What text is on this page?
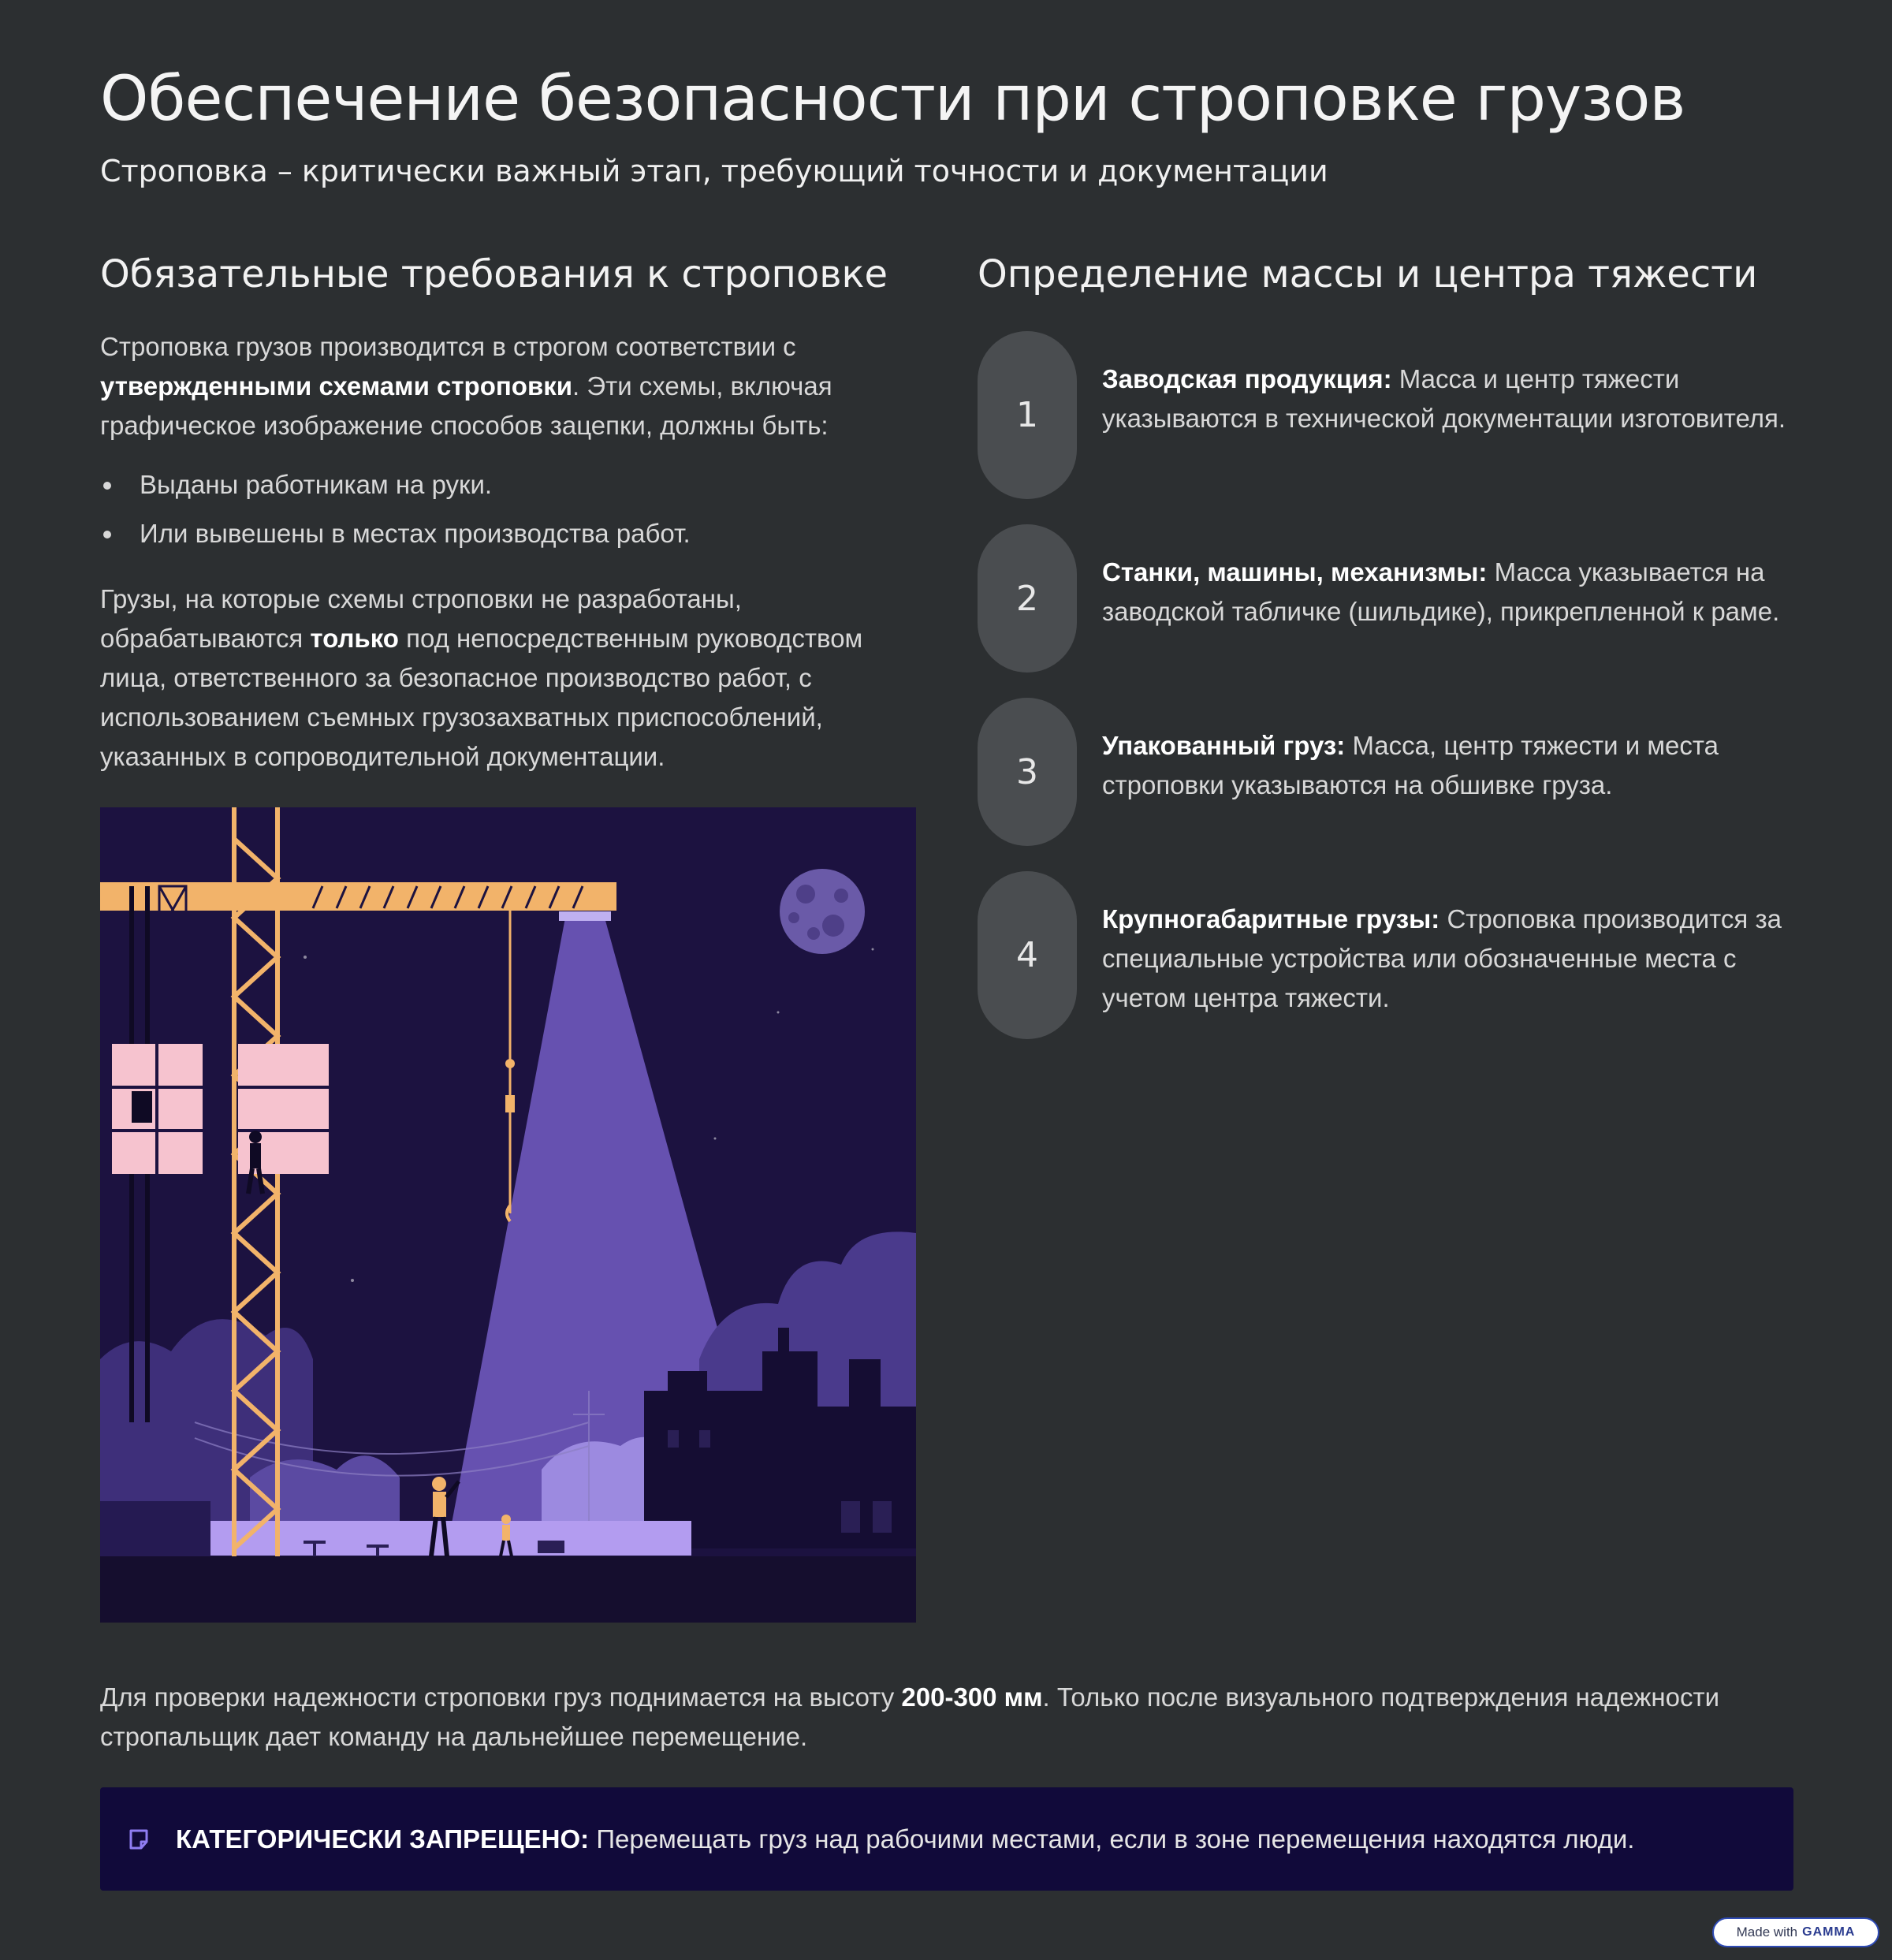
Обеспечение безопасности при строповке грузов

Строповка – критически важный этап, требующий точности и документации

Обязательные требования к строповке

Строповка грузов производится в строгом соответствии с утвержденными схемами строповки. Эти схемы, включая графическое изображение способов зацепки, должны быть:

Выданы работникам на руки.
Или вывешены в местах производства работ.

Грузы, на которые схемы строповки не разработаны, обрабатываются только под непосредственным руководством лица, ответственного за безопасное производство работ, с использованием съемных грузозахватных приспособлений, указанных в сопроводительной документации.

Определение массы и центра тяжести
1
Заводская продукция: Масса и центр тяжести указываются в технической документации изготовителя.
2
Станки, машины, механизмы: Масса указывается на заводской табличке (шильдике), прикрепленной к раме.
3
Упакованный груз: Масса, центр тяжести и места строповки указываются на обшивке груза.
4
Крупногабаритные грузы: Строповка производится за специальные устройства или обозначенные места с учетом центра тяжести.

Для проверки надежности строповки груз поднимается на высоту 200-300 мм. Только после визуального подтверждения надежности стропальщик дает команду на дальнейшее перемещение.

КАТЕГОРИЧЕСКИ ЗАПРЕЩЕНО: Перемещать груз над рабочими местами, если в зоне перемещения находятся люди.
Made with GAMMA
